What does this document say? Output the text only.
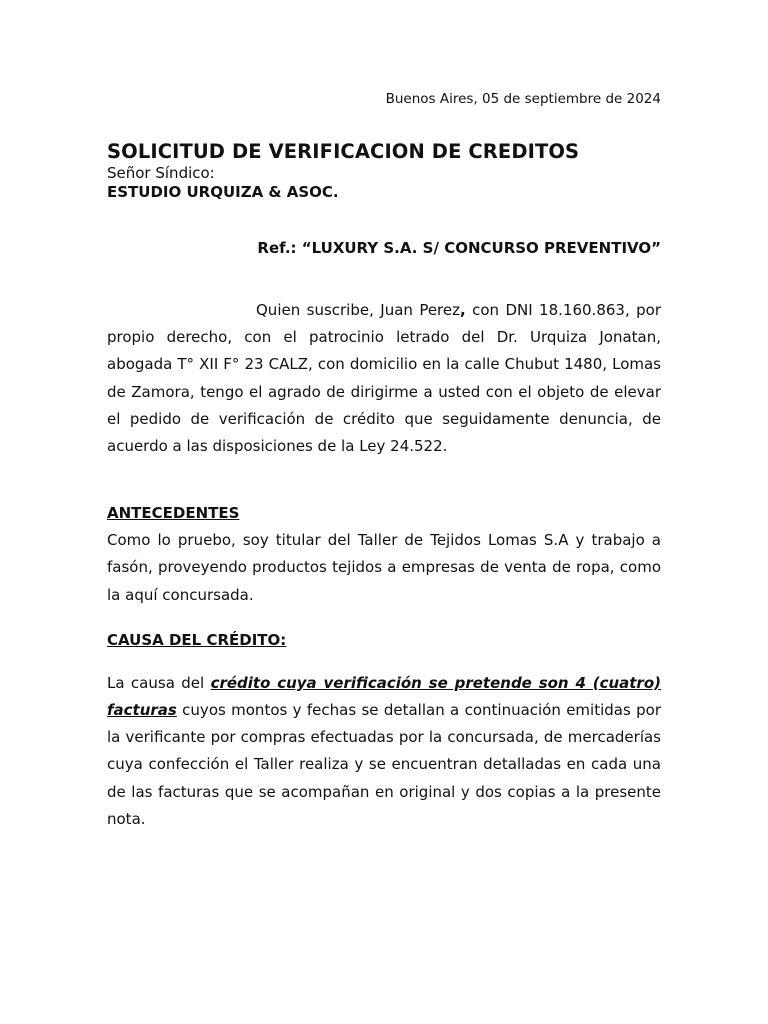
Buenos Aires, 05 de septiembre de 2024

SOLICITUD DE VERIFICACION DE CREDITOS

Señor Síndico:

ESTUDIO URQUIZA & ASOC.

Ref.: “LUXURY S.A. S/ CONCURSO PREVENTIVO”

Quien suscribe, Juan Perez, con DNI 18.160.863, por propio derecho, con el patrocinio letrado del Dr. Urquiza Jonatan, abogada T° XII F° 23 CALZ, con domicilio en la calle Chubut 1480, Lomas de Zamora, tengo el agrado de dirigirme a usted con el objeto de elevar el pedido de verificación de crédito que seguidamente denuncia, de acuerdo a las disposiciones de la Ley 24.522.

ANTECEDENTES

Como lo pruebo, soy titular del Taller de Tejidos Lomas S.A y trabajo a fasón, proveyendo productos tejidos a empresas de venta de ropa, como la aquí concursada.

CAUSA DEL CRÉDITO:

La causa del crédito cuya verificación se pretende son 4 (cuatro) facturas cuyos montos y fechas se detallan a continuación emitidas por la verificante por compras efectuadas por la concursada, de mercaderías cuya confección el Taller realiza y se encuentran detalladas en cada una de las facturas que se acompañan en original y dos copias a la presente nota.
